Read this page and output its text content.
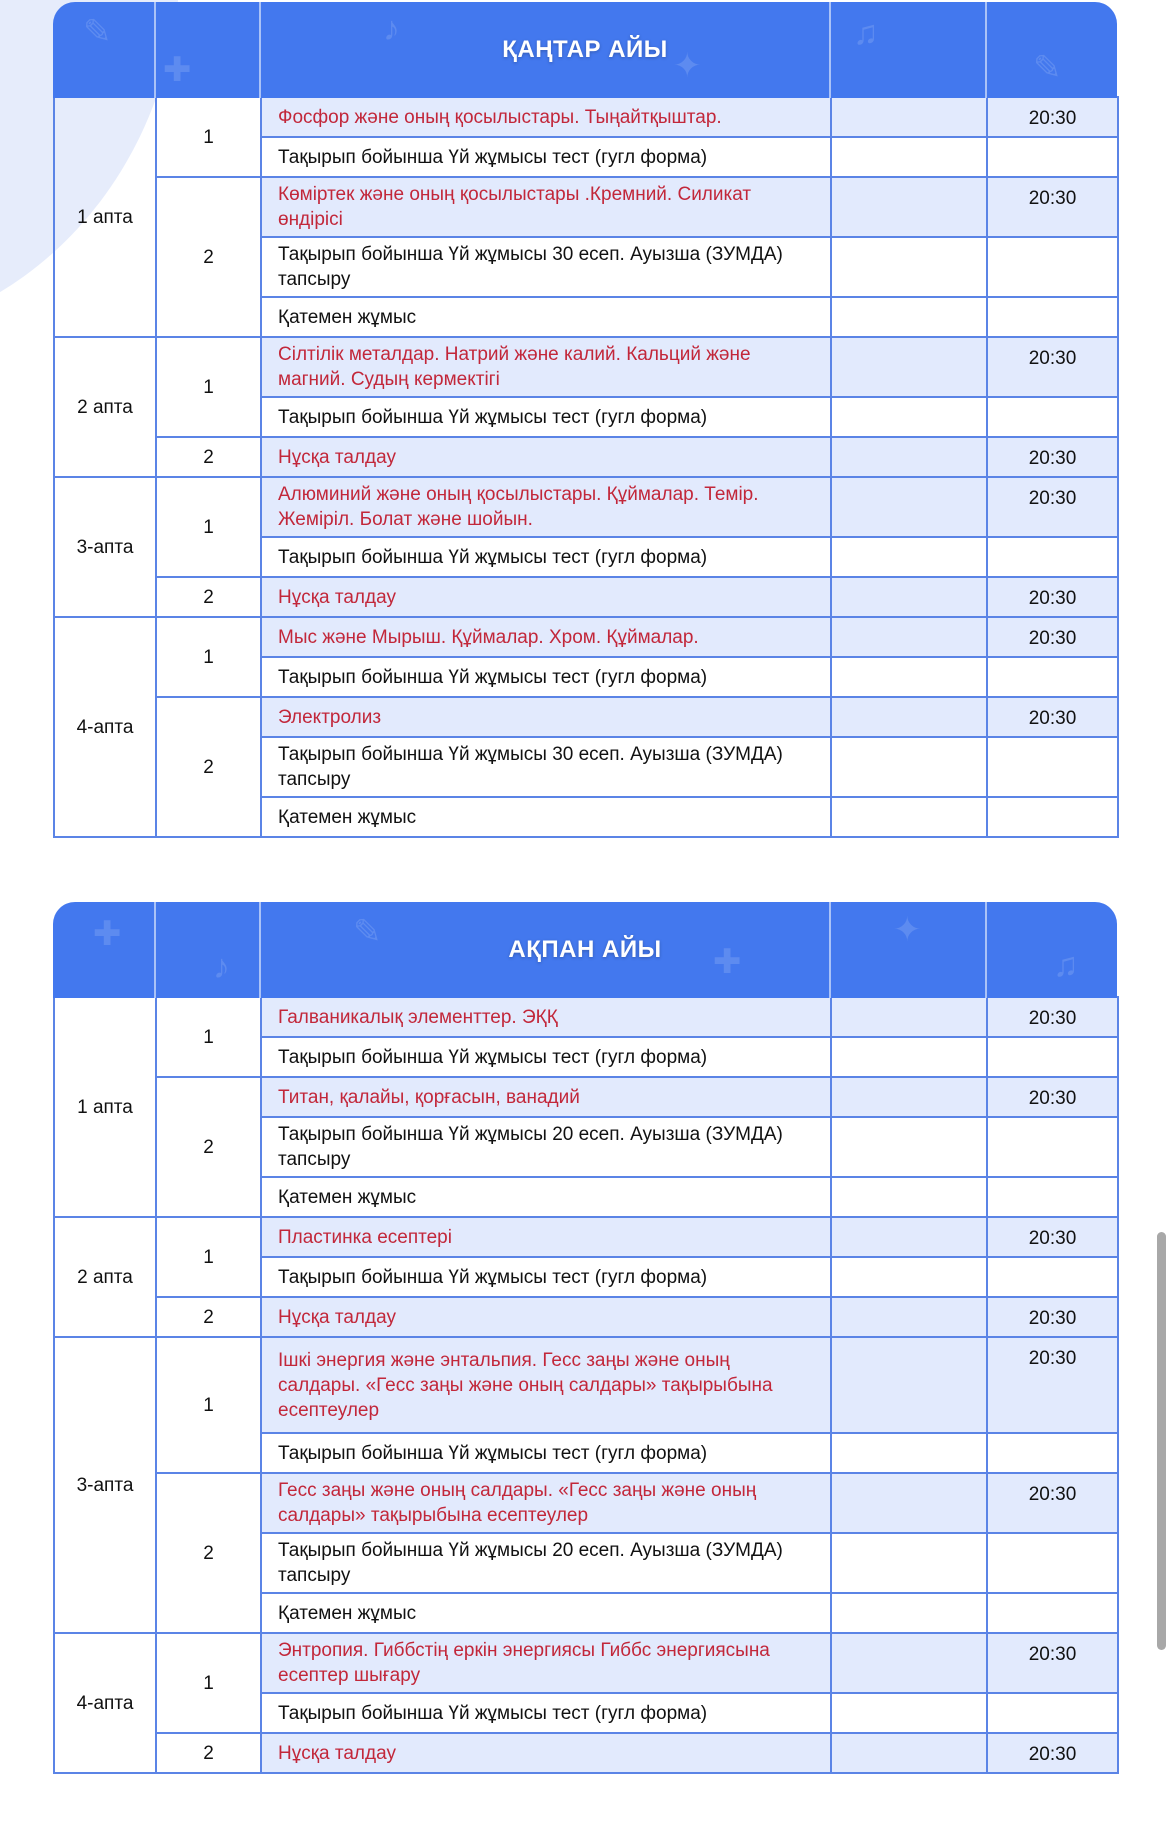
✎
✚
♪
✦
♫
✎
ҚАҢТАР АЙЫ
1 апта	1	Фосфор және оның қосылыстары. Тыңайтқыштар.		20:30
		Тақырып бойынша Үй жұмысы тест (гугл форма)		
	2	Көміртек және оның қосылыстары .Кремний. Силикат өндірісі		20:30
		Тақырып бойынша Үй жұмысы 30 есеп. Ауызша (ЗУМДА) тапсыру		
		Қатемен жұмыс		
2 апта	1	Сілтілік металдар. Натрий және калий. Кальций және магний. Судың кермектігі		20:30
		Тақырып бойынша Үй жұмысы тест (гугл форма)		
	2	Нұсқа талдау		20:30
3-апта	1	Алюминий және оның қосылыстары. Құймалар. Темір. Жеміріл. Болат және шойын.		20:30
		Тақырып бойынша Үй жұмысы тест (гугл форма)		
	2	Нұсқа талдау		20:30
4-апта	1	Мыс және Мырыш. Құймалар. Хром. Құймалар.		20:30
		Тақырып бойынша Үй жұмысы тест (гугл форма)		
	2	Электролиз		20:30
		Тақырып бойынша Үй жұмысы 30 есеп. Ауызша (ЗУМДА) тапсыру		
		Қатемен жұмыс		
✚
♪
✎
✚
✦
♫
АҚПАН АЙЫ
1 апта	1	Галваникалық элементтер. ЭҚҚ		20:30
		Тақырып бойынша Үй жұмысы тест (гугл форма)		
	2	Титан, қалайы, қорғасын, ванадий		20:30
		Тақырып бойынша Үй жұмысы 20 есеп. Ауызша (ЗУМДА) тапсыру		
		Қатемен жұмыс		
2 апта	1	Пластинка есептері		20:30
		Тақырып бойынша Үй жұмысы тест (гугл форма)		
	2	Нұсқа талдау		20:30
3-апта	1	Ішкі энергия және энтальпия. Гесс заңы және оның салдары. «Гесс заңы және оның салдары» тақырыбына есептеулер		20:30
		Тақырып бойынша Үй жұмысы тест (гугл форма)		
	2	Гесс заңы және оның салдары. «Гесс заңы және оның салдары» тақырыбына есептеулер		20:30
		Тақырып бойынша Үй жұмысы 20 есеп. Ауызша (ЗУМДА) тапсыру		
		Қатемен жұмыс		
4-апта	1	Энтропия. Гиббстің еркін энергиясы Гиббс энергиясына есептер шығару		20:30
		Тақырып бойынша Үй жұмысы тест (гугл форма)		
	2	Нұсқа талдау		20:30
